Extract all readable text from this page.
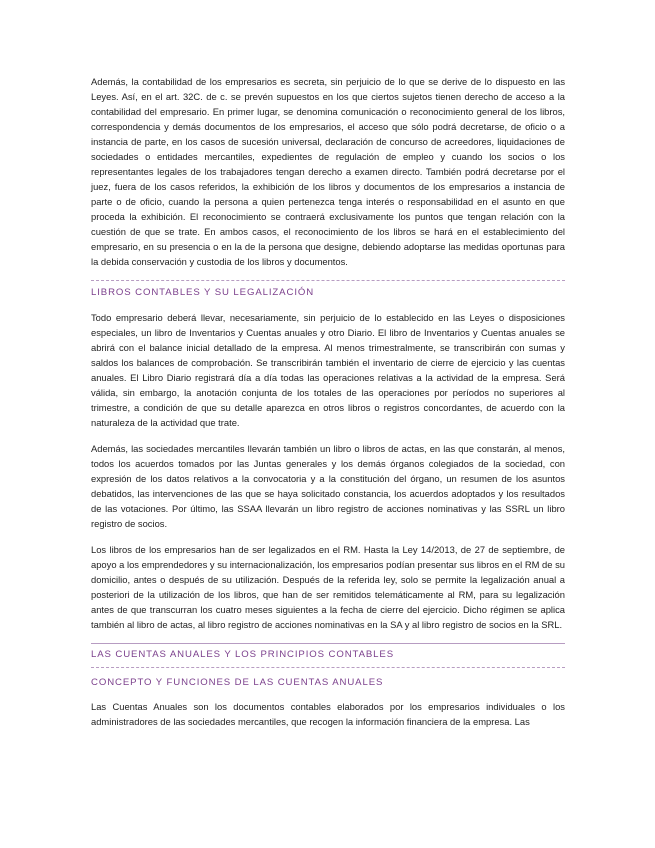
Además, la contabilidad de los empresarios es secreta, sin perjuicio de lo que se derive de lo dispuesto en las Leyes. Así, en el art. 32C. de c. se prevén supuestos en los que ciertos sujetos tienen derecho de acceso a la contabilidad del empresario. En primer lugar, se denomina comunicación o reconocimiento general de los libros, correspondencia y demás documentos de los empresarios, el acceso que sólo podrá decretarse, de oficio o a instancia de parte, en los casos de sucesión universal, declaración de concurso de acreedores, liquidaciones de sociedades o entidades mercantiles, expedientes de regulación de empleo y cuando los socios o los representantes legales de los trabajadores tengan derecho a examen directo. También podrá decretarse por el juez, fuera de los casos referidos, la exhibición de los libros y documentos de los empresarios a instancia de parte o de oficio, cuando la persona a quien pertenezca tenga interés o responsabilidad en el asunto en que proceda la exhibición. El reconocimiento se contraerá exclusivamente los puntos que tengan relación con la cuestión de que se trate. En ambos casos, el reconocimiento de los libros se hará en el establecimiento del empresario, en su presencia o en la de la persona que designe, debiendo adoptarse las medidas oportunas para la debida conservación y custodia de los libros y documentos.

LIBROS CONTABLES Y SU LEGALIZACIÓN

Todo empresario deberá llevar, necesariamente, sin perjuicio de lo establecido en las Leyes o disposiciones especiales, un libro de Inventarios y Cuentas anuales y otro Diario. El libro de Inventarios y Cuentas anuales se abrirá con el balance inicial detallado de la empresa. Al menos trimestralmente, se transcribirán con sumas y saldos los balances de comprobación. Se transcribirán también el inventario de cierre de ejercicio y las cuentas anuales. El Libro Diario registrará día a día todas las operaciones relativas a la actividad de la empresa. Será válida, sin embargo, la anotación conjunta de los totales de las operaciones por períodos no superiores al trimestre, a condición de que su detalle aparezca en otros libros o registros concordantes, de acuerdo con la naturaleza de la actividad que trate.

Además, las sociedades mercantiles llevarán también un libro o libros de actas, en las que constarán, al menos, todos los acuerdos tomados por las Juntas generales y los demás órganos colegiados de la sociedad, con expresión de los datos relativos a la convocatoria y a la constitución del órgano, un resumen de los asuntos debatidos, las intervenciones de las que se haya solicitado constancia, los acuerdos adoptados y los resultados de las votaciones. Por último, las SSAA llevarán un libro registro de acciones nominativas y las SSRL un libro registro de socios.

Los libros de los empresarios han de ser legalizados en el RM. Hasta la Ley 14/2013, de 27 de septiembre, de apoyo a los emprendedores y su internacionalización, los empresarios podían presentar sus libros en el RM de su domicilio, antes o después de su utilización. Después de la referida ley, solo se permite la legalización anual a posteriori de la utilización de los libros, que han de ser remitidos telemáticamente al RM, para su legalización antes de que transcurran los cuatro meses siguientes a la fecha de cierre del ejercicio. Dicho régimen se aplica también al libro de actas, al libro registro de acciones nominativas en la SA y al libro registro de socios en la SRL.

LAS CUENTAS ANUALES Y LOS PRINCIPIOS CONTABLES
CONCEPTO Y FUNCIONES DE LAS CUENTAS ANUALES

Las Cuentas Anuales son los documentos contables elaborados por los empresarios individuales o los administradores de las sociedades mercantiles, que recogen la información financiera de la empresa. Las
